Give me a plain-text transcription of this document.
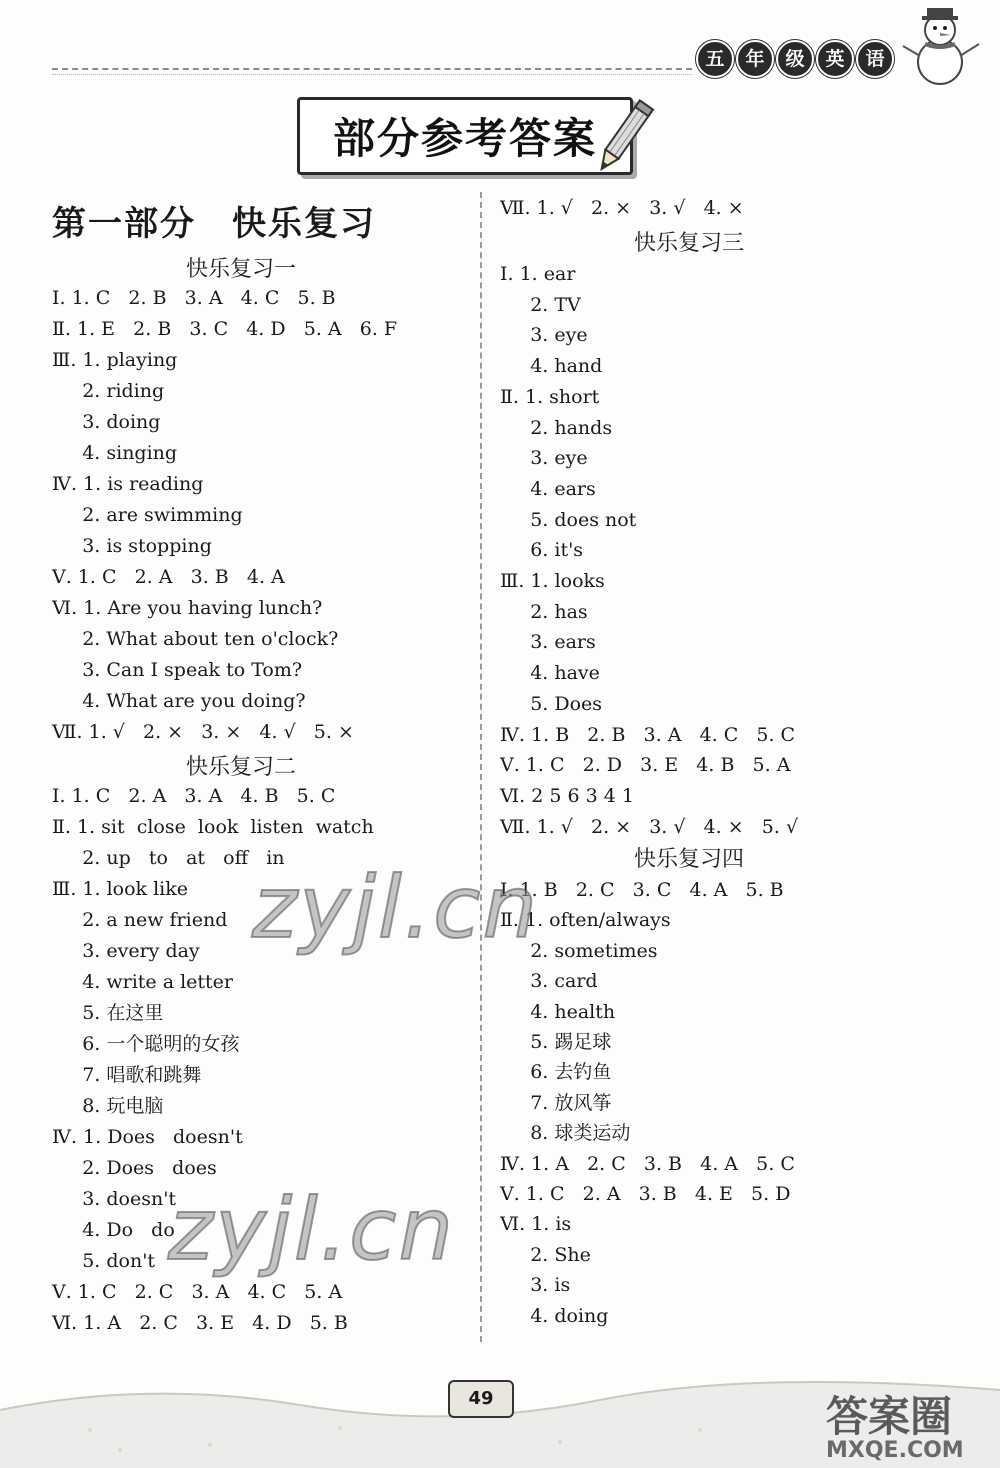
五	年	级	英	语
部分参考答案
第一部分　快乐复习
快乐复习一
Ⅰ. 1. C   2. B   3. A   4. C   5. B
Ⅱ. 1. E   2. B   3. C   4. D   5. A   6. F
Ⅲ. 1. playing
2. riding
3. doing
4. singing
Ⅳ. 1. is reading
2. are swimming
3. is stopping
Ⅴ. 1. C   2. A   3. B   4. A
Ⅵ. 1. Are you having lunch?
2. What about ten o'clock?
3. Can I speak to Tom?
4. What are you doing?
Ⅶ. 1. √   2. ×   3. ×   4. √   5. ×
快乐复习二
Ⅰ. 1. C   2. A   3. A   4. B   5. C
Ⅱ. 1. sit  close  look  listen  watch
2. up   to   at   off   in
Ⅲ. 1. look like
2. a new friend
3. every day
4. write a letter
5. 在这里
6. 一个聪明的女孩
7. 唱歌和跳舞
8. 玩电脑
Ⅳ. 1. Does   doesn't
2. Does   does
3. doesn't
4. Do   do
5. don't
Ⅴ. 1. C   2. C   3. A   4. C   5. A
Ⅵ. 1. A   2. C   3. E   4. D   5. B
Ⅶ. 1. √   2. ×   3. √   4. ×
快乐复习三
Ⅰ. 1. ear
2. TV
3. eye
4. hand
Ⅱ. 1. short
2. hands
3. eye
4. ears
5. does not
6. it's
Ⅲ. 1. looks
2. has
3. ears
4. have
5. Does
Ⅳ. 1. B   2. B   3. A   4. C   5. C
Ⅴ. 1. C   2. D   3. E   4. B   5. A
Ⅵ. 2 5 6 3 4 1
Ⅶ. 1. √   2. ×   3. √   4. ×   5. √
快乐复习四
Ⅰ. 1. B   2. C   3. C   4. A   5. B
Ⅱ. 1. often/always
2. sometimes
3. card
4. health
5. 踢足球
6. 去钓鱼
7. 放风筝
8. 球类运动
Ⅳ. 1. A   2. C   3. B   4. A   5. C
Ⅴ. 1. C   2. A   3. B   4. E   5. D
Ⅵ. 1. is
2. She
3. is
4. doing
zyjl.cn
zyjl.cn
49	答案圈
MXQE.COM
